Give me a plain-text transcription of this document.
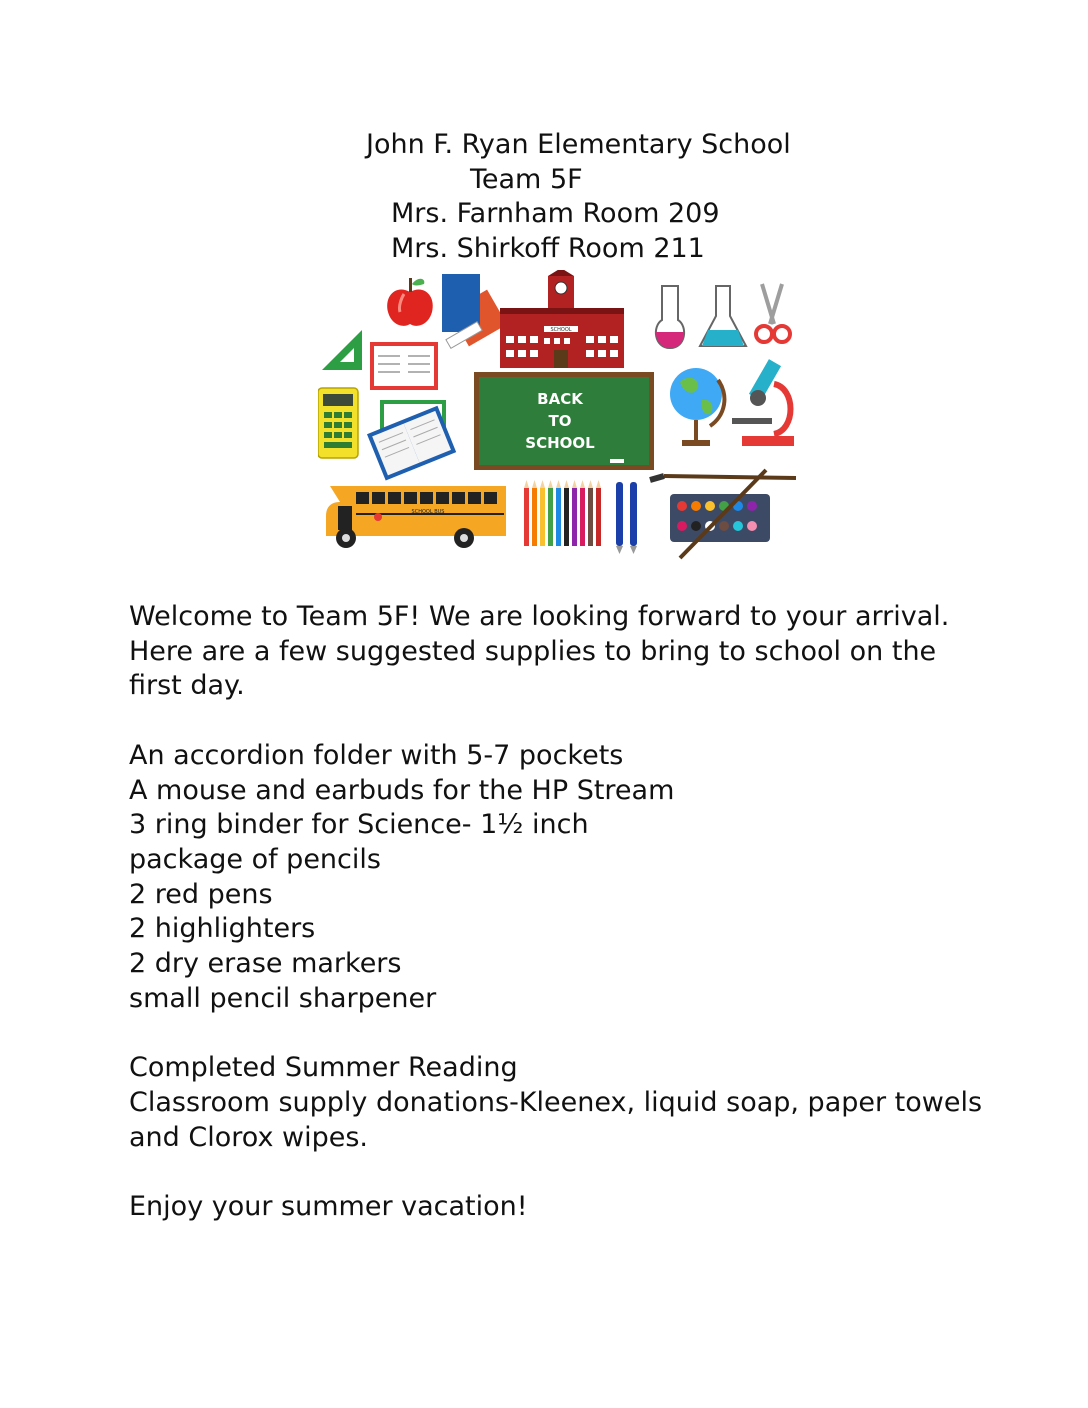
John F. Ryan Elementary School
Team 5F
Mrs. Farnham Room 209
Mrs. Shirkoff Room 211
SCHOOL
BACK
TO
SCHOOL
SCHOOL BUS
Welcome to Team 5F! We are looking forward to your arrival.
Here are a few suggested supplies to bring to school on the
first day.
An accordion folder with 5-7 pockets
A mouse and earbuds for the HP Stream
3 ring binder for Science- 1½ inch
package of pencils
2 red pens
2 highlighters
2 dry erase markers
small pencil sharpener
Completed Summer Reading
Classroom supply donations-Kleenex, liquid soap, paper towels
and Clorox wipes.
Enjoy your summer vacation!
